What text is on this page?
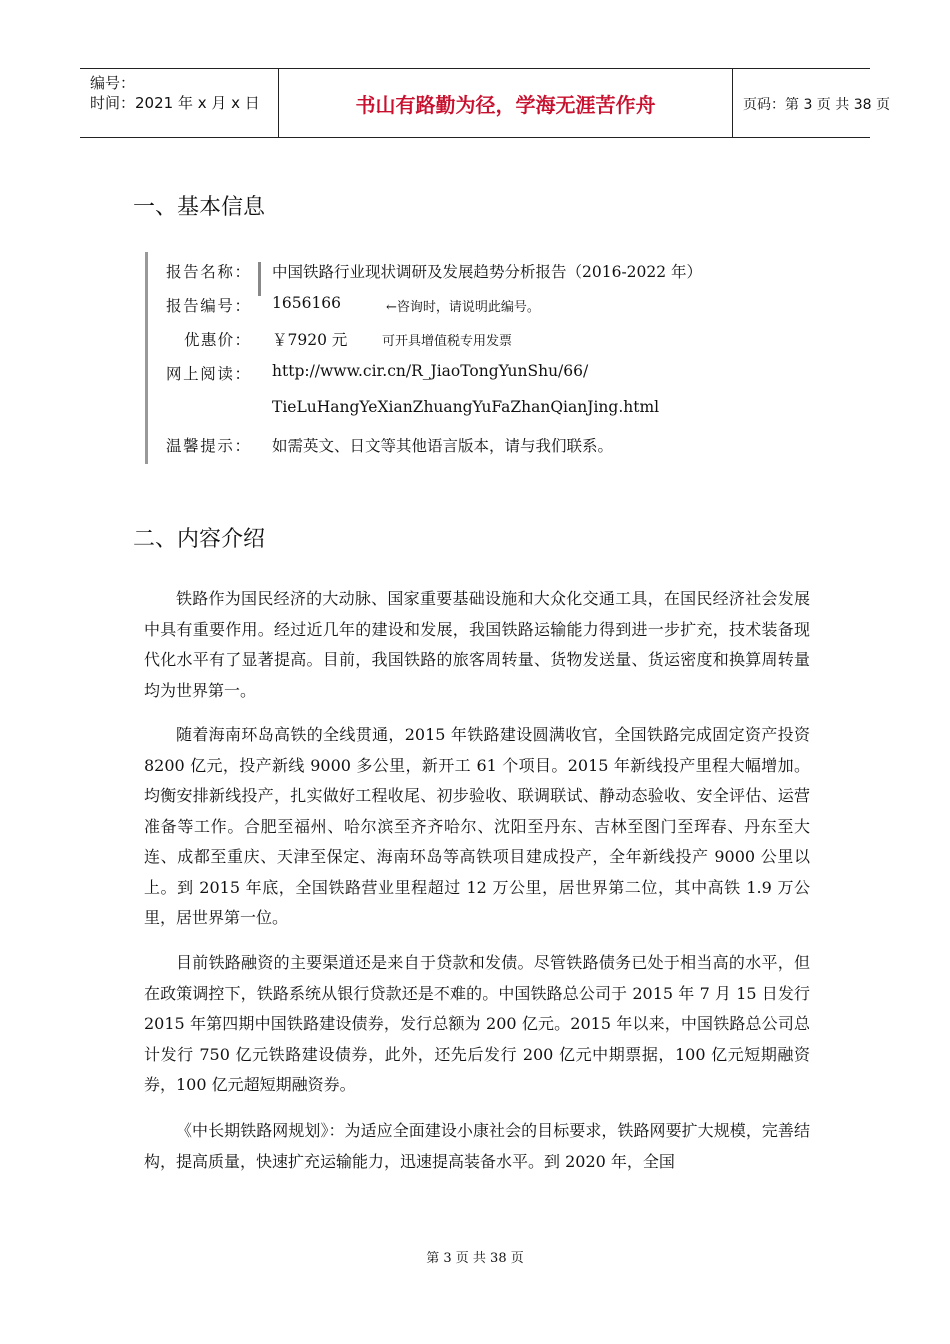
编号：
时间：2021 年 x 月 x 日	书山有路勤为径，学海无涯苦作舟	页码：第 3 页 共 38 页
一、基本信息
报告名称： 中国铁路行业现状调研及发展趋势分析报告（2016-2022 年）
报告编号： 1656166	←咨询时，请说明此编号。
优惠价： ￥7920 元	可开具增值税专用发票
网上阅读： http://www.cir.cn/R_JiaoTongYunShu/66/
TieLuHangYeXianZhuangYuFaZhanQianJing.html
温馨提示： 如需英文、日文等其他语言版本，请与我们联系。
二、内容介绍

铁路作为国民经济的大动脉、国家重要基础设施和大众化交通工具，在国民经济社会发展中具有重要作用。经过近几年的建设和发展，我国铁路运输能力得到进一步扩充，技术装备现代化水平有了显著提高。目前，我国铁路的旅客周转量、货物发送量、货运密度和换算周转量均为世界第一。

随着海南环岛高铁的全线贯通，2015 年铁路建设圆满收官，全国铁路完成固定资产投资 8200 亿元，投产新线 9000 多公里，新开工 61 个项目。2015 年新线投产里程大幅增加。均衡安排新线投产，扎实做好工程收尾、初步验收、联调联试、静动态验收、安全评估、运营准备等工作。合肥至福州、哈尔滨至齐齐哈尔、沈阳至丹东、吉林至图门至珲春、丹东至大连、成都至重庆、天津至保定、海南环岛等高铁项目建成投产，全年新线投产 9000 公里以上。到 2015 年底，全国铁路营业里程超过 12 万公里，居世界第二位，其中高铁 1.9 万公里，居世界第一位。

目前铁路融资的主要渠道还是来自于贷款和发债。尽管铁路债务已处于相当高的水平，但在政策调控下，铁路系统从银行贷款还是不难的。中国铁路总公司于 2015 年 7 月 15 日发行 2015 年第四期中国铁路建设债券，发行总额为 200 亿元。2015 年以来，中国铁路总公司总计发行 750 亿元铁路建设债券，此外，还先后发行 200 亿元中期票据，100 亿元短期融资券，100 亿元超短期融资券。

《中长期铁路网规划》：为适应全面建设小康社会的目标要求，铁路网要扩大规模，完善结构，提高质量，快速扩充运输能力，迅速提高装备水平。到 2020 年，全国

第 3 页 共 38 页
